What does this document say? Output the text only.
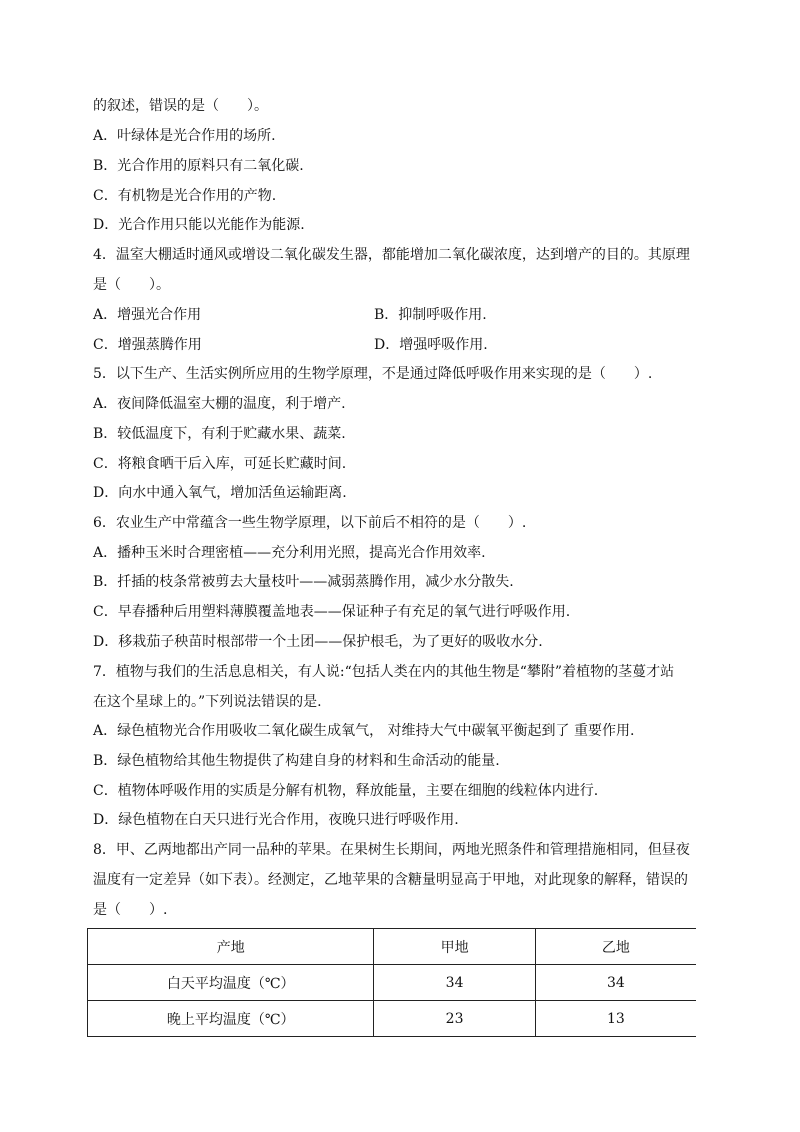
的叙述，错误的是（　　）。
A．叶绿体是光合作用的场所.
B．光合作用的原料只有二氧化碳.
C．有机物是光合作用的产物.
D．光合作用只能以光能作为能源.
4．温室大棚适时通风或增设二氧化碳发生器，都能增加二氧化碳浓度，达到增产的目的。其原理
是（　　）。
A．增强光合作用	B．抑制呼吸作用.
C．增强蒸腾作用	D．增强呼吸作用.
5．以下生产、生活实例所应用的生物学原理，不是通过降低呼吸作用来实现的是（　　）.
A．夜间降低温室大棚的温度，利于增产.
B．较低温度下，有利于贮藏水果、蔬菜.
C．将粮食晒干后入库，可延长贮藏时间.
D．向水中通入氧气，增加活鱼运输距离.
6．农业生产中常蕴含一些生物学原理，以下前后不相符的是（　　）.
A．播种玉米时合理密植——充分利用光照，提高光合作用效率.
B．扦插的枝条常被剪去大量枝叶——减弱蒸腾作用，减少水分散失.
C．早春播种后用塑料薄膜覆盖地表——保证种子有充足的氧气进行呼吸作用.
D．移栽茄子秧苗时根部带一个土团——保护根毛，为了更好的吸收水分.
7．植物与我们的生活息息相关，有人说:“包括人类在内的其他生物是“攀附”着植物的茎蔓才站
在这个星球上的。”下列说法错误的是.
A．绿色植物光合作用吸收二氧化碳生成氧气， 对维持大气中碳氧平衡起到了 重要作用.
B．绿色植物给其他生物提供了构建自身的材料和生命活动的能量.
C．植物体呼吸作用的实质是分解有机物，释放能量，主要在细胞的线粒体内进行.
D．绿色植物在白天只进行光合作用，夜晚只进行呼吸作用.
8．甲、乙两地都出产同一品种的苹果。在果树生长期间，两地光照条件和管理措施相同，但昼夜
温度有一定差异（如下表）。经测定，乙地苹果的含糖量明显高于甲地，对此现象的解释，错误的
是（　　）.
产地	甲地	乙地
白天平均温度（℃）	34	34
晚上平均温度（℃）	23	13
